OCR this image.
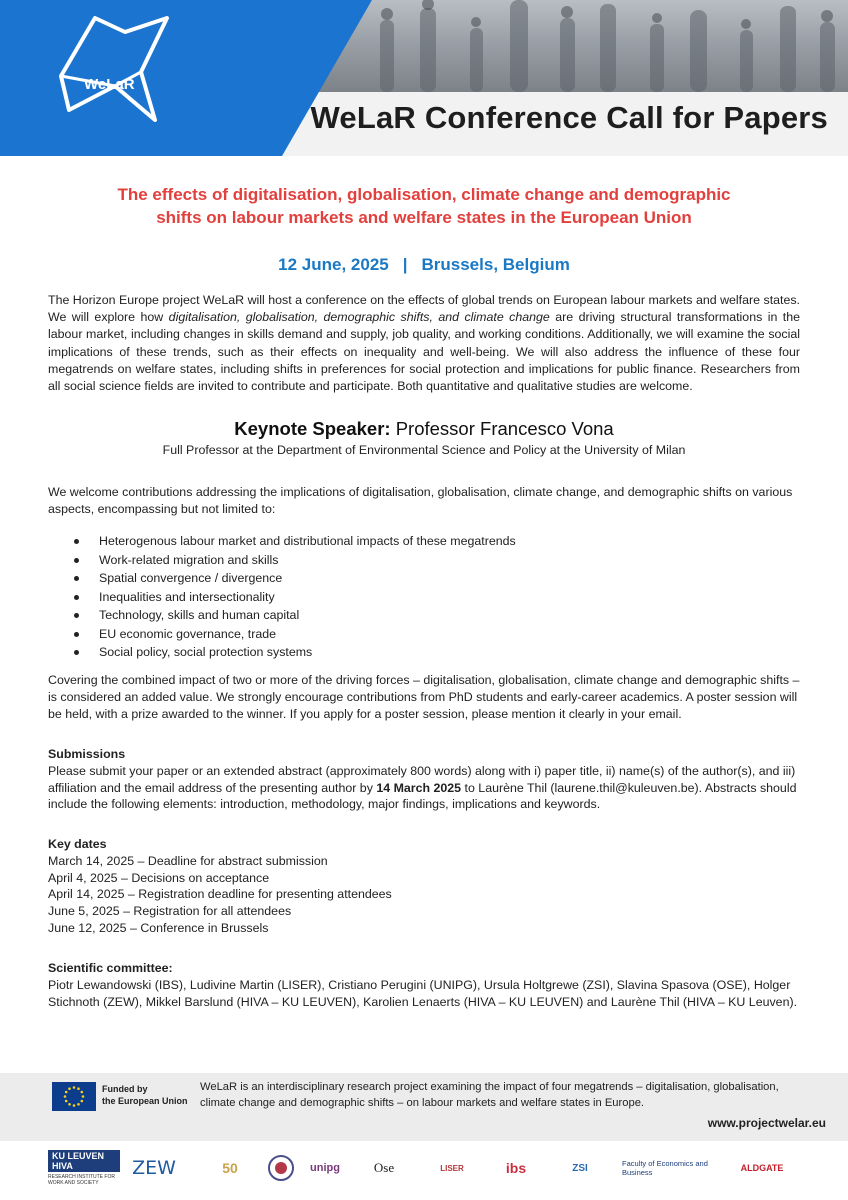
WeLaR
WeLaR Conference Call for Papers
The effects of digitalisation, globalisation, climate change and demographic
shifts on labour markets and welfare states in the European Union
12 June, 2025 | Brussels, Belgium
The Horizon Europe project WeLaR will host a conference on the effects of global trends on European labour markets and welfare states. We will explore how digitalisation, globalisation, demographic shifts, and climate change are driving structural transformations in the labour market, including changes in skills demand and supply, job quality, and working conditions. Additionally, we will examine the social implications of these trends, such as their effects on inequality and well-being. We will also address the influence of these four megatrends on welfare states, including shifts in preferences for social protection and implications for public finance. Researchers from all social science fields are invited to contribute and participate. Both quantitative and qualitative studies are welcome.
Keynote Speaker: Professor Francesco Vona
Full Professor at the Department of Environmental Science and Policy at the University of Milan
We welcome contributions addressing the implications of digitalisation, globalisation, climate change, and demographic shifts on various aspects, encompassing but not limited to:
Heterogenous labour market and distributional impacts of these megatrends
Work-related migration and skills
Spatial convergence / divergence
Inequalities and intersectionality
Technology, skills and human capital
EU economic governance, trade
Social policy, social protection systems
Covering the combined impact of two or more of the driving forces – digitalisation, globalisation, climate change and demographic shifts – is considered an added value. We strongly encourage contributions from PhD students and early-career academics. A poster session will be held, with a prize awarded to the winner. If you apply for a poster session, please mention it clearly in your email.
Submissions
Please submit your paper or an extended abstract (approximately 800 words) along with i) paper title, ii) name(s) of the author(s), and iii) affiliation and the email address of the presenting author by 14 March 2025 to Laurène Thil (laurene.thil@kuleuven.be). Abstracts should include the following elements: introduction, methodology, major findings, implications and keywords.
Key dates
March 14, 2025 – Deadline for abstract submission
April 4, 2025 – Decisions on acceptance
April 14, 2025 – Registration deadline for presenting attendees
June 5, 2025 – Registration for all attendees
June 12, 2025 – Conference in Brussels
Scientific committee:
Piotr Lewandowski (IBS), Ludivine Martin (LISER), Cristiano Perugini (UNIPG), Ursula Holtgrewe (ZSI), Slavina Spasova (OSE), Holger Stichnoth (ZEW), Mikkel Barslund (HIVA – KU LEUVEN), Karolien Lenaerts (HIVA – KU LEUVEN) and Laurène Thil (HIVA – KU Leuven).
Funded by
the European Union
WeLaR is an interdisciplinary research project examining the impact of four megatrends – digitalisation, globalisation, climate change and demographic shifts – on labour markets and welfare states in Europe.
www.projectwelar.eu
KU LEUVEN HIVA
RESEARCH INSTITUTE FOR WORK AND SOCIETY
ZEW	50	unipg	Ose	LISER	ibs	ZSI	Faculty of Economics and Business	ALDGATE
